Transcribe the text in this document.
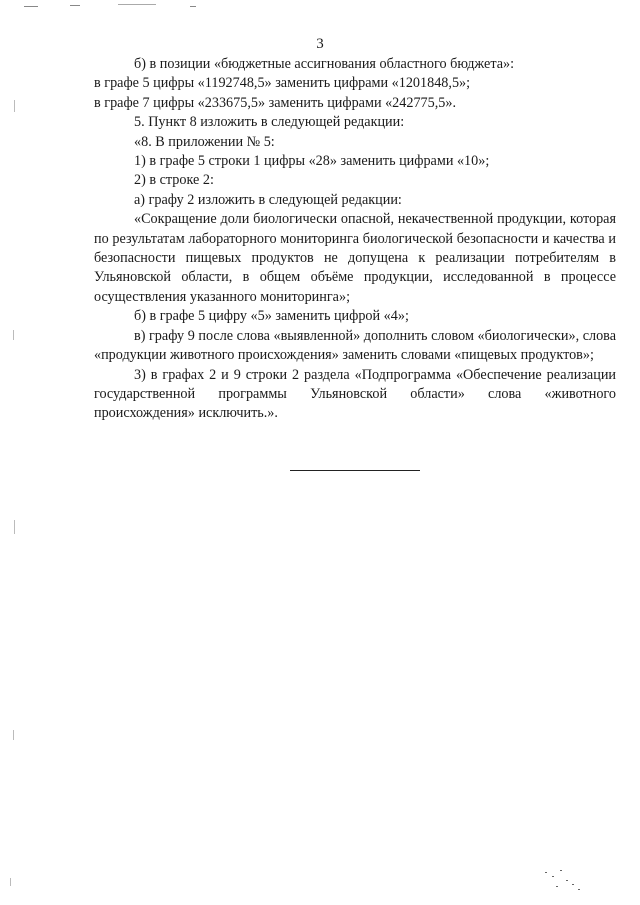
3

б) в позиции «бюджетные ассигнования областного бюджета»:

в графе 5 цифры «1192748,5» заменить цифрами «1201848,5»;

в графе 7 цифры «233675,5» заменить цифрами «242775,5».

5. Пункт 8 изложить в следующей редакции:

«8. В приложении № 5:

1) в графе 5 строки 1 цифры «28» заменить цифрами «10»;

2) в строке 2:

а) графу 2 изложить в следующей редакции:

«Сокращение доли биологически опасной, некачественной продукции, которая по результатам лабораторного мониторинга биологической безопасности и качества и безопасности пищевых продуктов не допущена к реализации потребителям в Ульяновской области, в общем объёме продукции, исследованной в процессе осуществления указанного мониторинга»;

б) в графе 5 цифру «5» заменить цифрой «4»;

в) графу 9 после слова «выявленной» дополнить словом «биологически», слова «продукции животного происхождения» заменить словами «пищевых продуктов»;

3) в графах 2 и 9 строки 2 раздела «Подпрограмма «Обеспечение реализации государственной программы Ульяновской области» слова «животного происхождения» исключить.».
